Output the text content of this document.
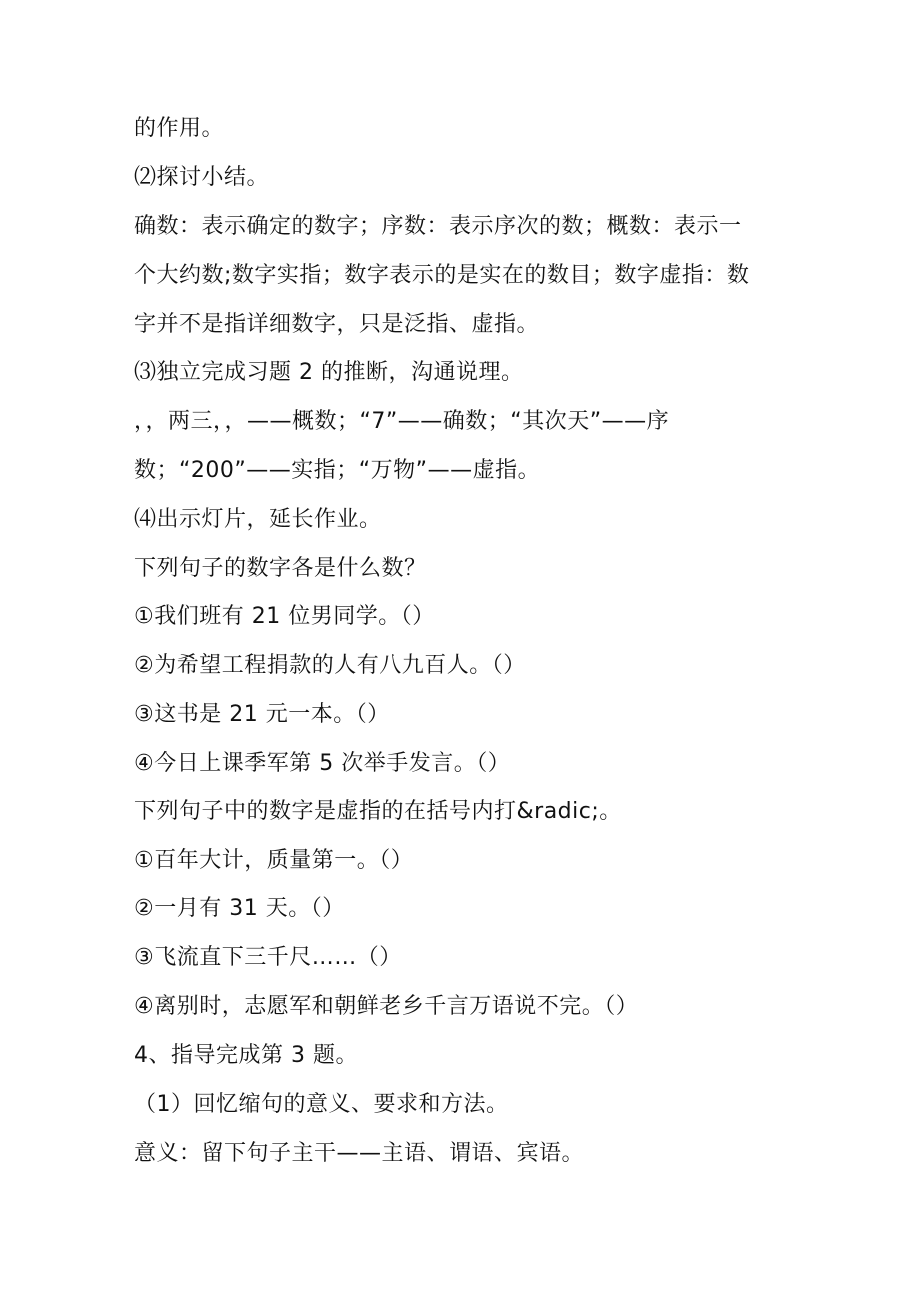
的作用。
⑵探讨小结。
确数：表示确定的数字；序数：表示序次的数；概数：表示一
个大约数;数字实指；数字表示的是实在的数目；数字虚指：数
字并不是指详细数字，只是泛指、虚指。
⑶独立完成习题 2 的推断，沟通说理。
，，两三，，——概数；“7”——确数；“其次天”——序
数；“200”——实指；“万物”——虚指。
⑷出示灯片，延长作业。
下列句子的数字各是什么数？
①我们班有 21 位男同学。（）
②为希望工程捐款的人有八九百人。（）
③这书是 21 元一本。（）
④今日上课季军第 5 次举手发言。（）
下列句子中的数字是虚指的在括号内打&radic;。
①百年大计，质量第一。（）
②一月有 31 天。（）
③飞流直下三千尺……（）
④离别时，志愿军和朝鲜老乡千言万语说不完。（）
4、指导完成第 3 题。
（1）回忆缩句的意义、要求和方法。
意义：留下句子主干——主语、谓语、宾语。
